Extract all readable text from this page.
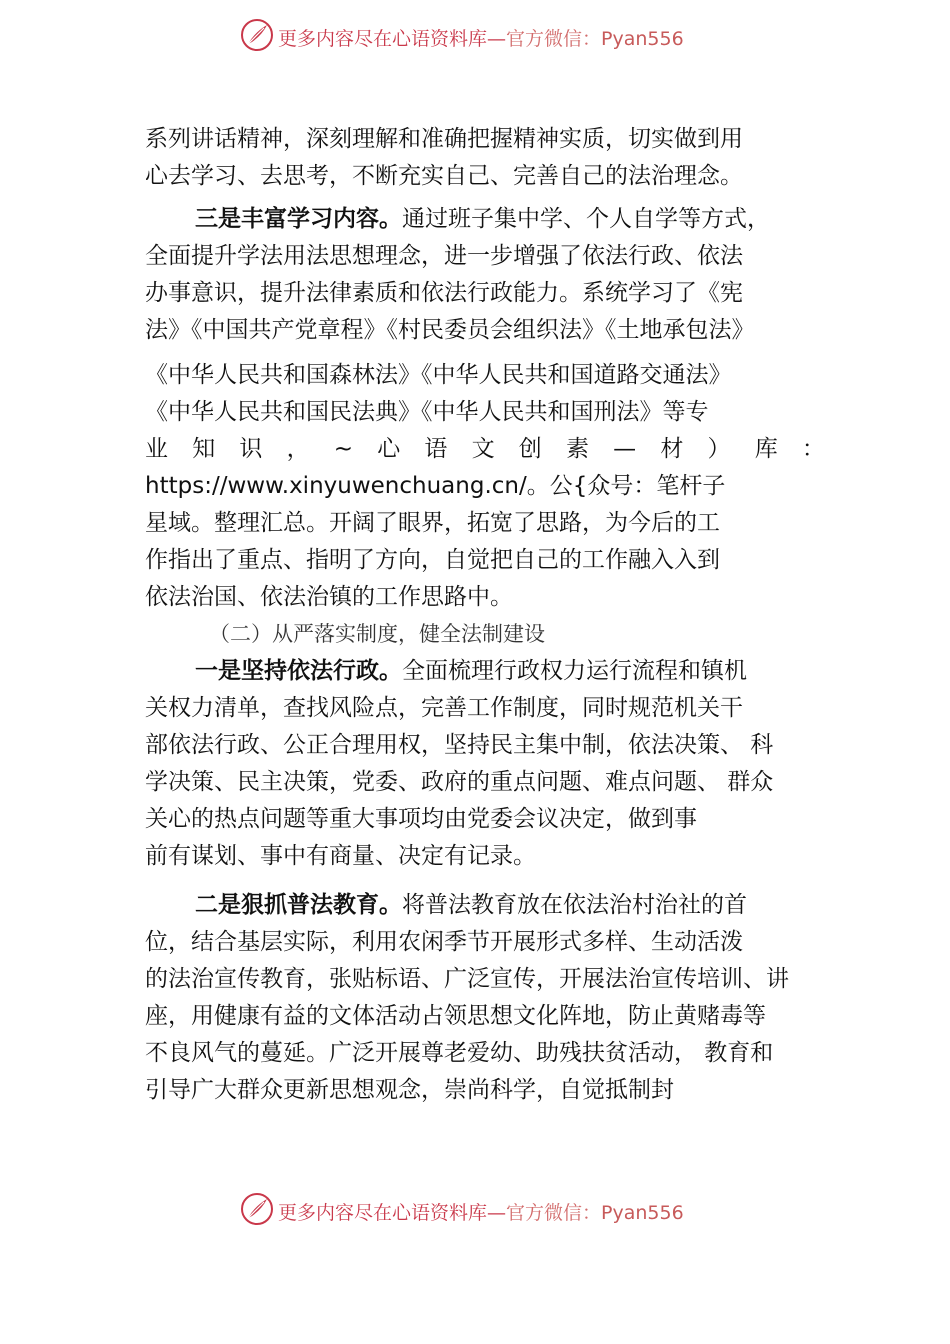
更多内容尽在心语资料库—官方微信：Pyan556
系列讲话精神，深刻理解和准确把握精神实质，切实做到用
心去学习、去思考，不断充实自己、完善自己的法治理念。
三是丰富学习内容。通过班子集中学、个人自学等方式，
全面提升学法用法思想理念，进一步增强了依法行政、依法
办事意识，提升法律素质和依法行政能力。系统学习了《宪
法》《中国共产党章程》《村民委员会组织法》《土地承包法》
《中华人民共和国森林法》《中华人民共和国道路交通法》
《中华人民共和国民法典》《中华人民共和国刑法》等专
业 知 识 ， ~ 心 语 文 创 素 — 材 ） 库 ：
https://www.xinyuwenchuang.cn/。公{众号：笔杆子
星域。整理汇总。开阔了眼界，拓宽了思路，为今后的工
作指出了重点、指明了方向，自觉把自己的工作融入入到
依法治国、依法治镇的工作思路中。
（二）从严落实制度，健全法制建设
一是坚持依法行政。全面梳理行政权力运行流程和镇机
关权力清单，查找风险点，完善工作制度，同时规范机关干
部依法行政、公正合理用权，坚持民主集中制，依法决策、 科
学决策、民主决策，党委、政府的重点问题、难点问题、 群众
关心的热点问题等重大事项均由党委会议决定，做到事
前有谋划、事中有商量、决定有记录。
二是狠抓普法教育。将普法教育放在依法治村治社的首
位，结合基层实际，利用农闲季节开展形式多样、生动活泼
的法治宣传教育，张贴标语、广泛宣传，开展法治宣传培训、讲
座，用健康有益的文体活动占领思想文化阵地，防止黄赌毒等
不良风气的蔓延。广泛开展尊老爱幼、助残扶贫活动， 教育和
引导广大群众更新思想观念，崇尚科学，自觉抵制封
更多内容尽在心语资料库—官方微信：Pyan556
